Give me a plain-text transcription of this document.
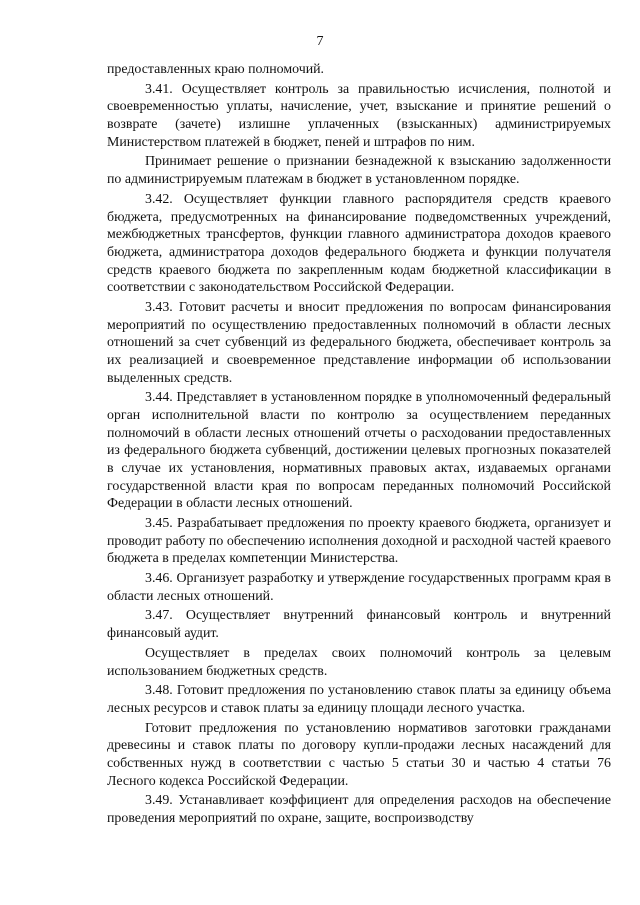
7

предоставленных краю полномочий.

3.41. Осуществляет контроль за правильностью исчисления, полнотой и своевременностью уплаты, начисление, учет, взыскание и принятие решений о возврате (зачете) излишне уплаченных (взысканных) администрируемых Министерством платежей в бюджет, пеней и штрафов по ним.

Принимает решение о признании безнадежной к взысканию задолженности по администрируемым платежам в бюджет в установленном порядке.

3.42. Осуществляет функции главного распорядителя средств краевого бюджета, предусмотренных на финансирование подведомственных учреждений, межбюджетных трансфертов, функции главного администратора доходов краевого бюджета, администратора доходов федерального бюджета и функции получателя средств краевого бюджета по закрепленным кодам бюджетной классификации в соответствии с законодательством Российской Федерации.

3.43. Готовит расчеты и вносит предложения по вопросам финансирования мероприятий по осуществлению предоставленных полномочий в области лесных отношений за счет субвенций из федерального бюджета, обеспечивает контроль за их реализацией и своевременное представление информации об использовании выделенных средств.

3.44. Представляет в установленном порядке в уполномоченный федеральный орган исполнительной власти по контролю за осуществлением переданных полномочий в области лесных отношений отчеты о расходовании предоставленных из федерального бюджета субвенций, достижении целевых прогнозных показателей в случае их установления, нормативных правовых актах, издаваемых органами государственной власти края по вопросам переданных полномочий Российской Федерации в области лесных отношений.

3.45. Разрабатывает предложения по проекту краевого бюджета, организует и проводит работу по обеспечению исполнения доходной и расходной частей краевого бюджета в пределах компетенции Министерства.

3.46. Организует разработку и утверждение государственных программ края в области лесных отношений.

3.47. Осуществляет внутренний финансовый контроль и внутренний финансовый аудит.

Осуществляет в пределах своих полномочий контроль за целевым использованием бюджетных средств.

3.48. Готовит предложения по установлению ставок платы за единицу объема лесных ресурсов и ставок платы за единицу площади лесного участка.

Готовит предложения по установлению нормативов заготовки гражданами древесины и ставок платы по договору купли-продажи лесных насаждений для собственных нужд в соответствии с частью 5 статьи 30 и частью 4 статьи 76 Лесного кодекса Российской Федерации.

3.49. Устанавливает коэффициент для определения расходов на обеспечение проведения мероприятий по охране, защите, воспроизводству
